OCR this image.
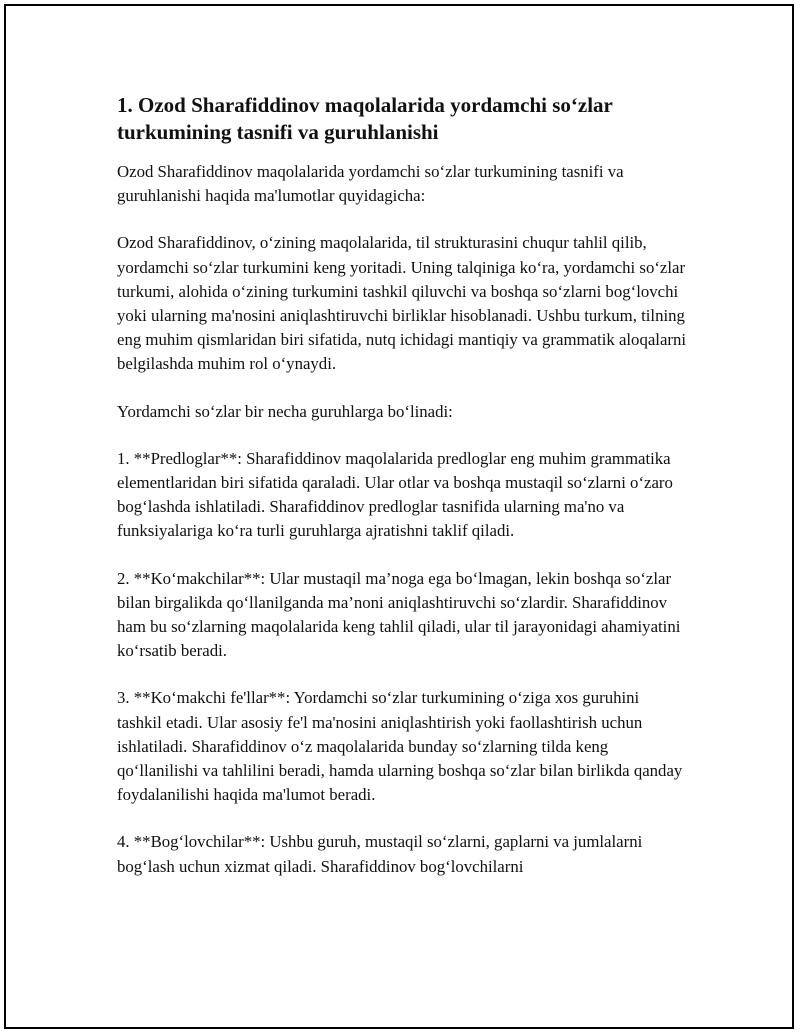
1. Ozod Sharafiddinov maqolalarida yordamchi so‘zlar turkumining tasnifi va guruhlanishi

Ozod Sharafiddinov maqolalarida yordamchi so‘zlar turkumining tasnifi va guruhlanishi haqida ma'lumotlar quyidagicha:

Ozod Sharafiddinov, o‘zining maqolalarida, til strukturasini chuqur tahlil qilib, yordamchi so‘zlar turkumini keng yoritadi. Uning talqiniga ko‘ra, yordamchi so‘zlar turkumi, alohida o‘zining turkumini tashkil qiluvchi va boshqa so‘zlarni bog‘lovchi yoki ularning ma'nosini aniqlashtiruvchi birliklar hisoblanadi. Ushbu turkum, tilning eng muhim qismlaridan biri sifatida, nutq ichidagi mantiqiy va grammatik aloqalarni belgilashda muhim rol o‘ynaydi.

Yordamchi so‘zlar bir necha guruhlarga bo‘linadi:

1. **Predloglar**: Sharafiddinov maqolalarida predloglar eng muhim grammatika elementlaridan biri sifatida qaraladi. Ular otlar va boshqa mustaqil so‘zlarni o‘zaro bog‘lashda ishlatiladi. Sharafiddinov predloglar tasnifida ularning ma'no va funksiyalariga ko‘ra turli guruhlarga ajratishni taklif qiladi.

2. **Ko‘makchilar**: Ular mustaqil ma’noga ega bo‘lmagan, lekin boshqa so‘zlar bilan birgalikda qo‘llanilganda ma’noni aniqlashtiruvchi so‘zlardir. Sharafiddinov ham bu so‘zlarning maqolalarida keng tahlil qiladi, ular til jarayonidagi ahamiyatini ko‘rsatib beradi.

3. **Ko‘makchi fe'llar**: Yordamchi so‘zlar turkumining o‘ziga xos guruhini tashkil etadi. Ular asosiy fe'l ma'nosini aniqlashtirish yoki faollashtirish uchun ishlatiladi. Sharafiddinov o‘z maqolalarida bunday so‘zlarning tilda keng qo‘llanilishi va tahlilini beradi, hamda ularning boshqa so‘zlar bilan birlikda qanday foydalanilishi haqida ma'lumot beradi.

4. **Bog‘lovchilar**: Ushbu guruh, mustaqil so‘zlarni, gaplarni va jumlalarni bog‘lash uchun xizmat qiladi. Sharafiddinov bog‘lovchilarni
